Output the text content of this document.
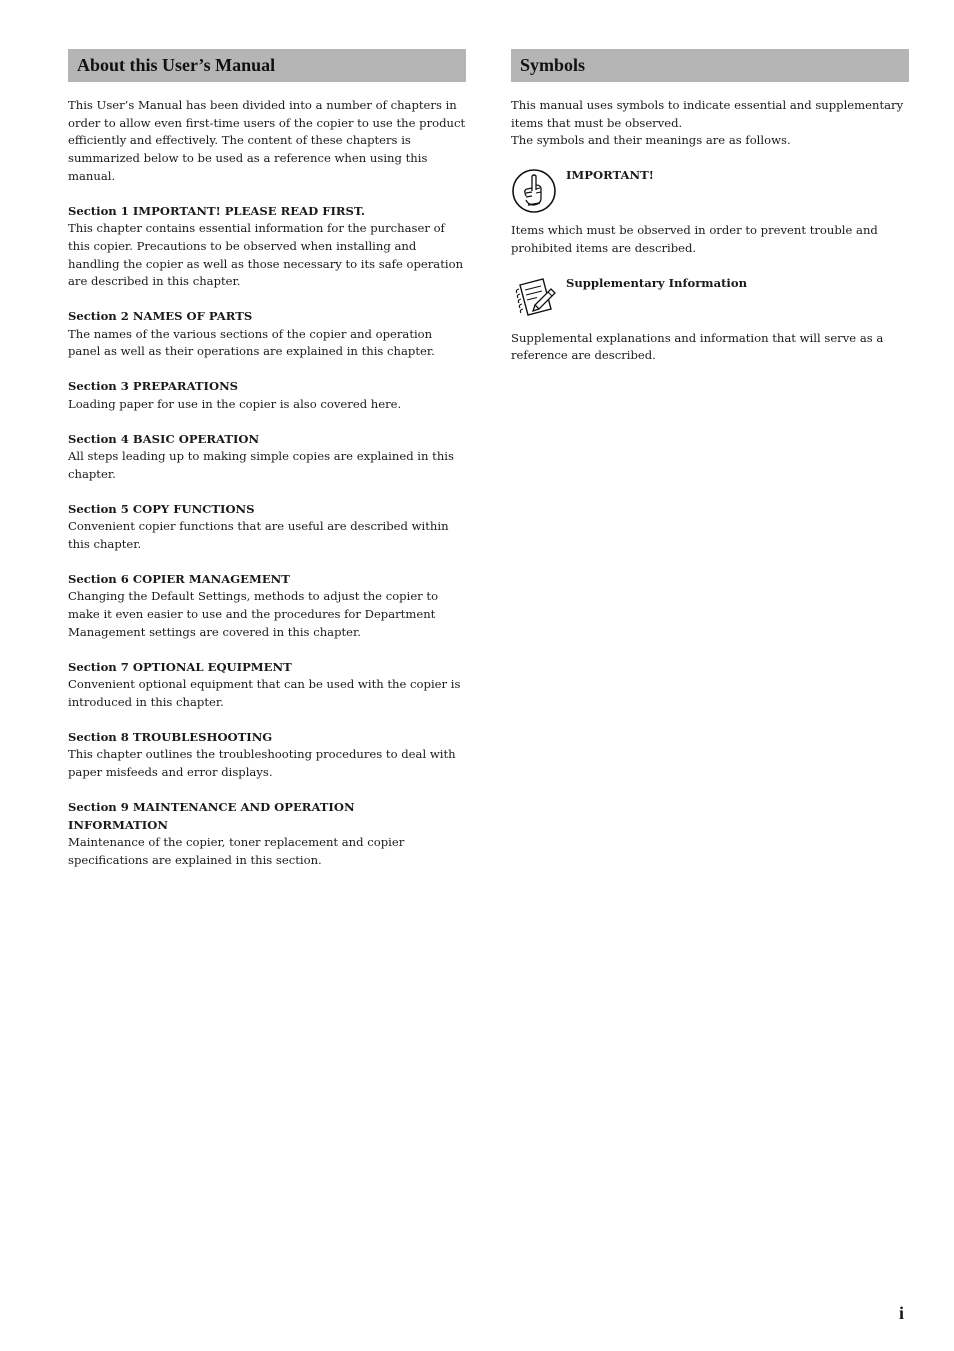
About this User’s Manual

This User’s Manual has been divided into a number of chapters in order to allow even first-time users of the copier to use the product efficiently and effectively. The content of these chapters is summarized below to be used as a reference when using this manual.

Section 1 IMPORTANT! PLEASE READ FIRST.

This chapter contains essential information for the purchaser of this copier. Precautions to be observed when installing and handling the copier as well as those necessary to its safe operation are described in this chapter.

Section 2 NAMES OF PARTS

The names of the various sections of the copier and operation panel as well as their operations are explained in this chapter.

Section 3 PREPARATIONS

Loading paper for use in the copier is also covered here.

Section 4 BASIC OPERATION

All steps leading up to making simple copies are explained in this chapter.

Section 5 COPY FUNCTIONS

Convenient copier functions that are useful are described within this chapter.

Section 6 COPIER MANAGEMENT

Changing the Default Settings, methods to adjust the copier to make it even easier to use and the procedures for Department Management settings are covered in this chapter.

Section 7 OPTIONAL EQUIPMENT

Convenient optional equipment that can be used with the copier is introduced in this chapter.

Section 8 TROUBLESHOOTING

This chapter outlines the troubleshooting procedures to deal with paper misfeeds and error displays.

Section 9 MAINTENANCE AND OPERATION INFORMATION

Maintenance of the copier, toner replacement and copier specifications are explained in this section.

Symbols

This manual uses symbols to indicate essential and supplementary items that must be observed.
The symbols and their meanings are as follows.

IMPORTANT!

Items which must be observed in order to prevent trouble and prohibited items are described.

Supplementary Information

Supplemental explanations and information that will serve as a reference are described.

i
